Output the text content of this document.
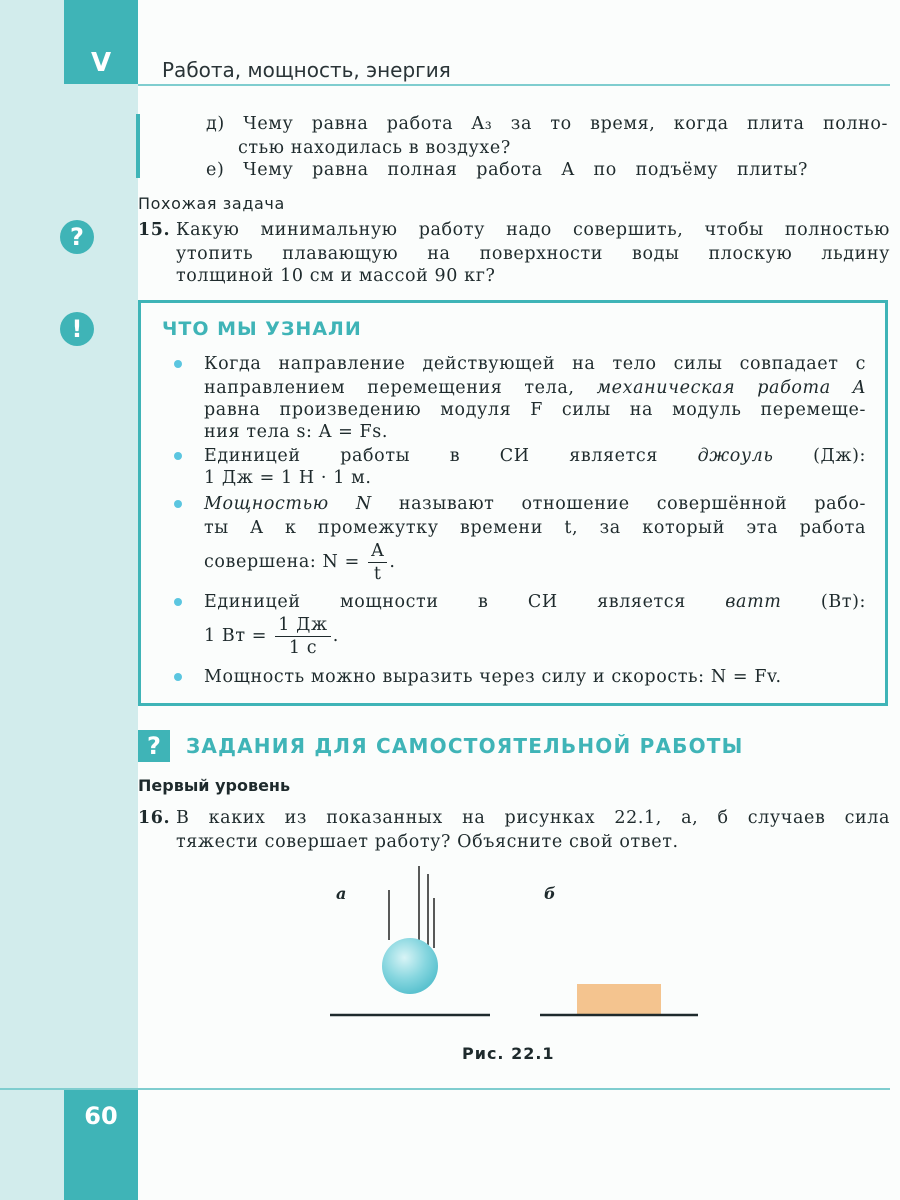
V	Работа, мощность, энергия
д) Чему равна работа A₃ за то время, когда плита полно-
стью находилась в воздухе?
е) Чему равна полная работа A по подъёму плиты?
Похожая задача
?	15. Какую минимальную работу надо совершить, чтобы полностью
утопить плавающую на поверхности воды плоскую льдину
толщиной 10 см и массой 90 кг?
!	ЧТО МЫ УЗНАЛИ
Когда направление действующей на тело силы совпадает с
направлением перемещения тела, механическая работа A
равна произведению модуля F силы на модуль перемеще-
ния тела s: A = Fs.
Единицей работы в СИ является джоуль (Дж):
1 Дж = 1 Н · 1 м.
Мощностью N называют отношение совершённой рабо-
ты A к промежутку времени t, за который эта работа
совершена: $N = \frac{A}{t}$ .
Единицей мощности в СИ является ватт (Вт):
1 Вт = $\frac{1 Дж}{1 с}$ .
Мощность можно выразить через силу и скорость: N = Fv.
?	ЗАДАНИЯ ДЛЯ САМОСТОЯТЕЛЬНОЙ РАБОТЫ
Первый уровень
16. В каких из показанных на рисунках 22.1, а, б случаев сила
тяжести совершает работу? Объясните свой ответ.
а	б
Рис. 22.1
60
